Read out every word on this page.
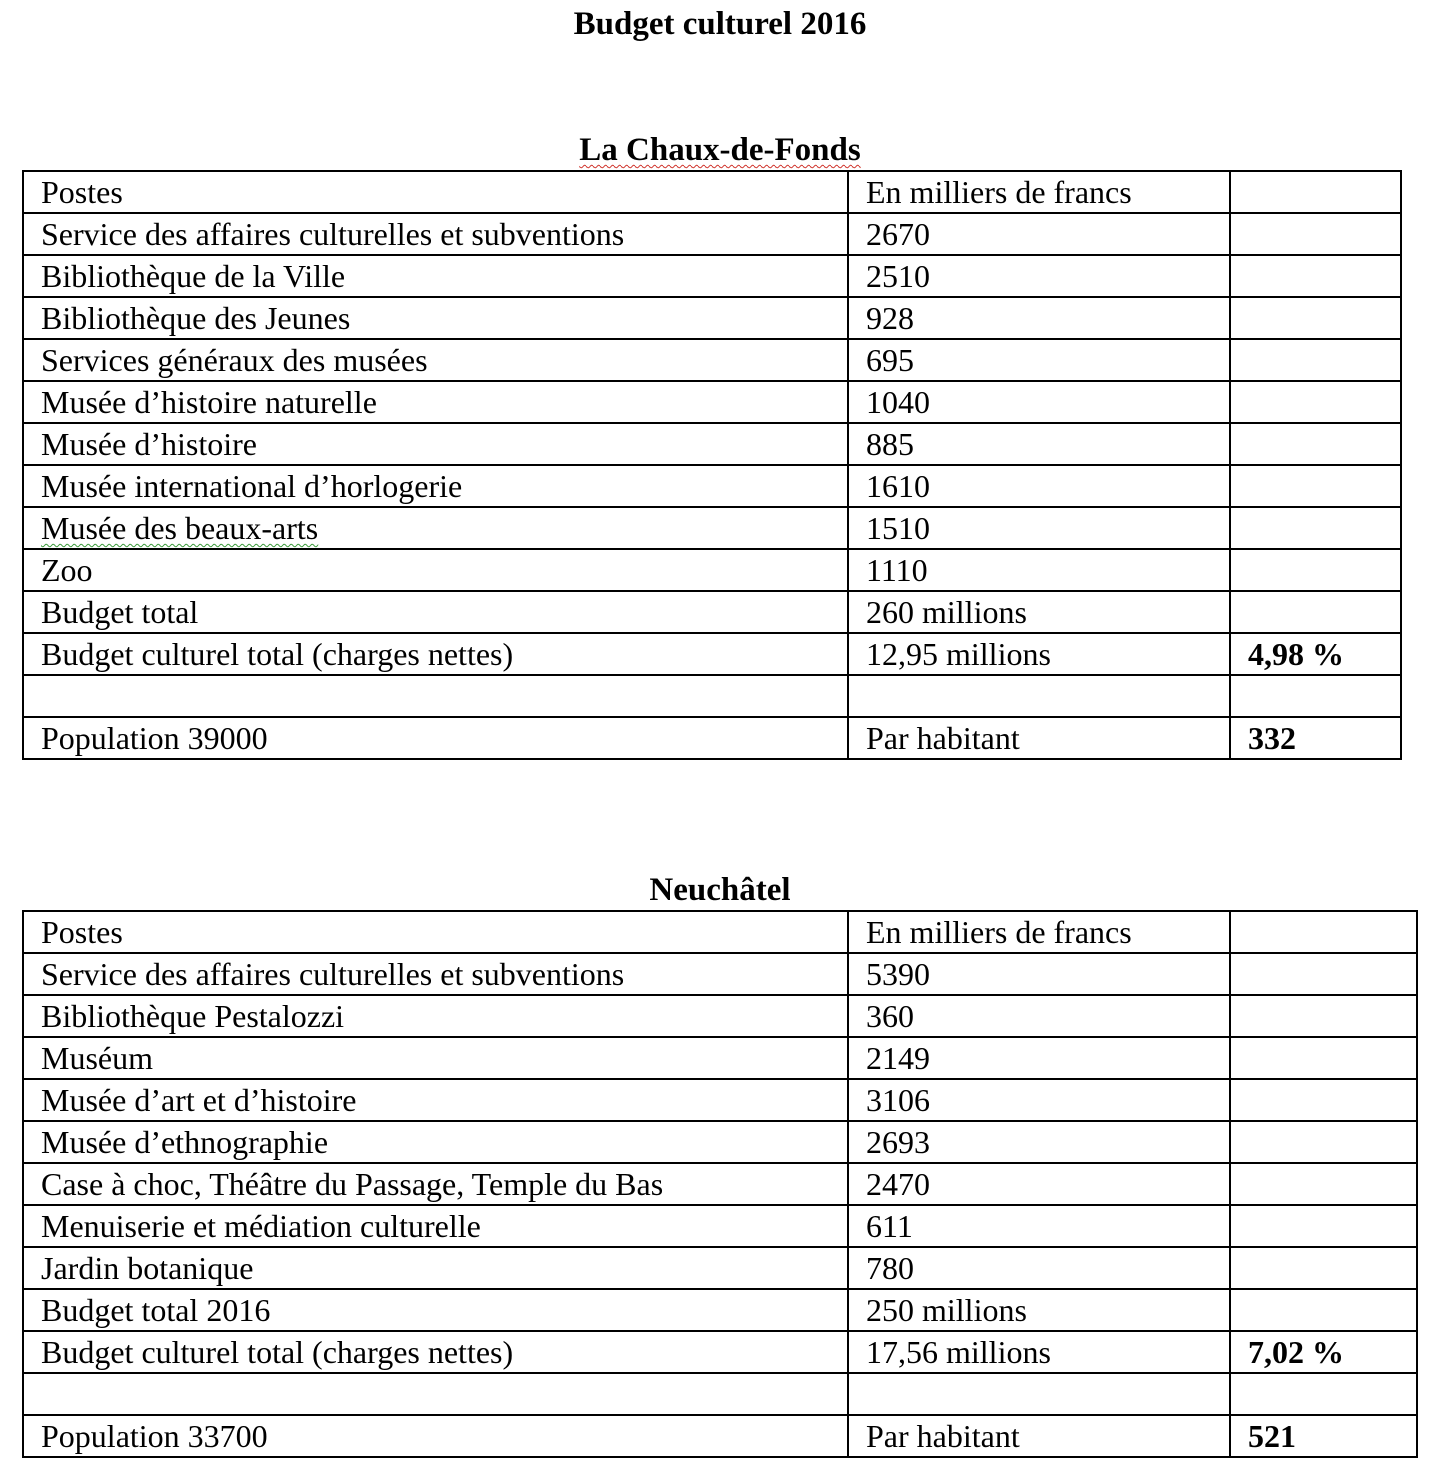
Budget culturel 2016
La Chaux-de-Fonds
Postes	En milliers de francs	
Service des affaires culturelles et subventions	2670	
Bibliothèque de la Ville	2510	
Bibliothèque des Jeunes	928	
Services généraux des musées	695	
Musée d’histoire naturelle	1040	
Musée d’histoire	885	
Musée international d’horlogerie	1610	
Musée des beaux-arts	1510	
Zoo	1110	
Budget total	260 millions	
Budget culturel total (charges nettes)	12,95 millions	4,98 %

Population 39000	Par habitant	332
Neuchâtel
Postes	En milliers de francs	
Service des affaires culturelles et subventions	5390	
Bibliothèque Pestalozzi	360	
Muséum	2149	
Musée d’art et d’histoire	3106	
Musée d’ethnographie	2693	
Case à choc, Théâtre du Passage, Temple du Bas	2470	
Menuiserie et médiation culturelle	611	
Jardin botanique	780	
Budget total 2016	250 millions	
Budget culturel total (charges nettes)	17,56 millions	7,02 %

Population 33700	Par habitant	521
